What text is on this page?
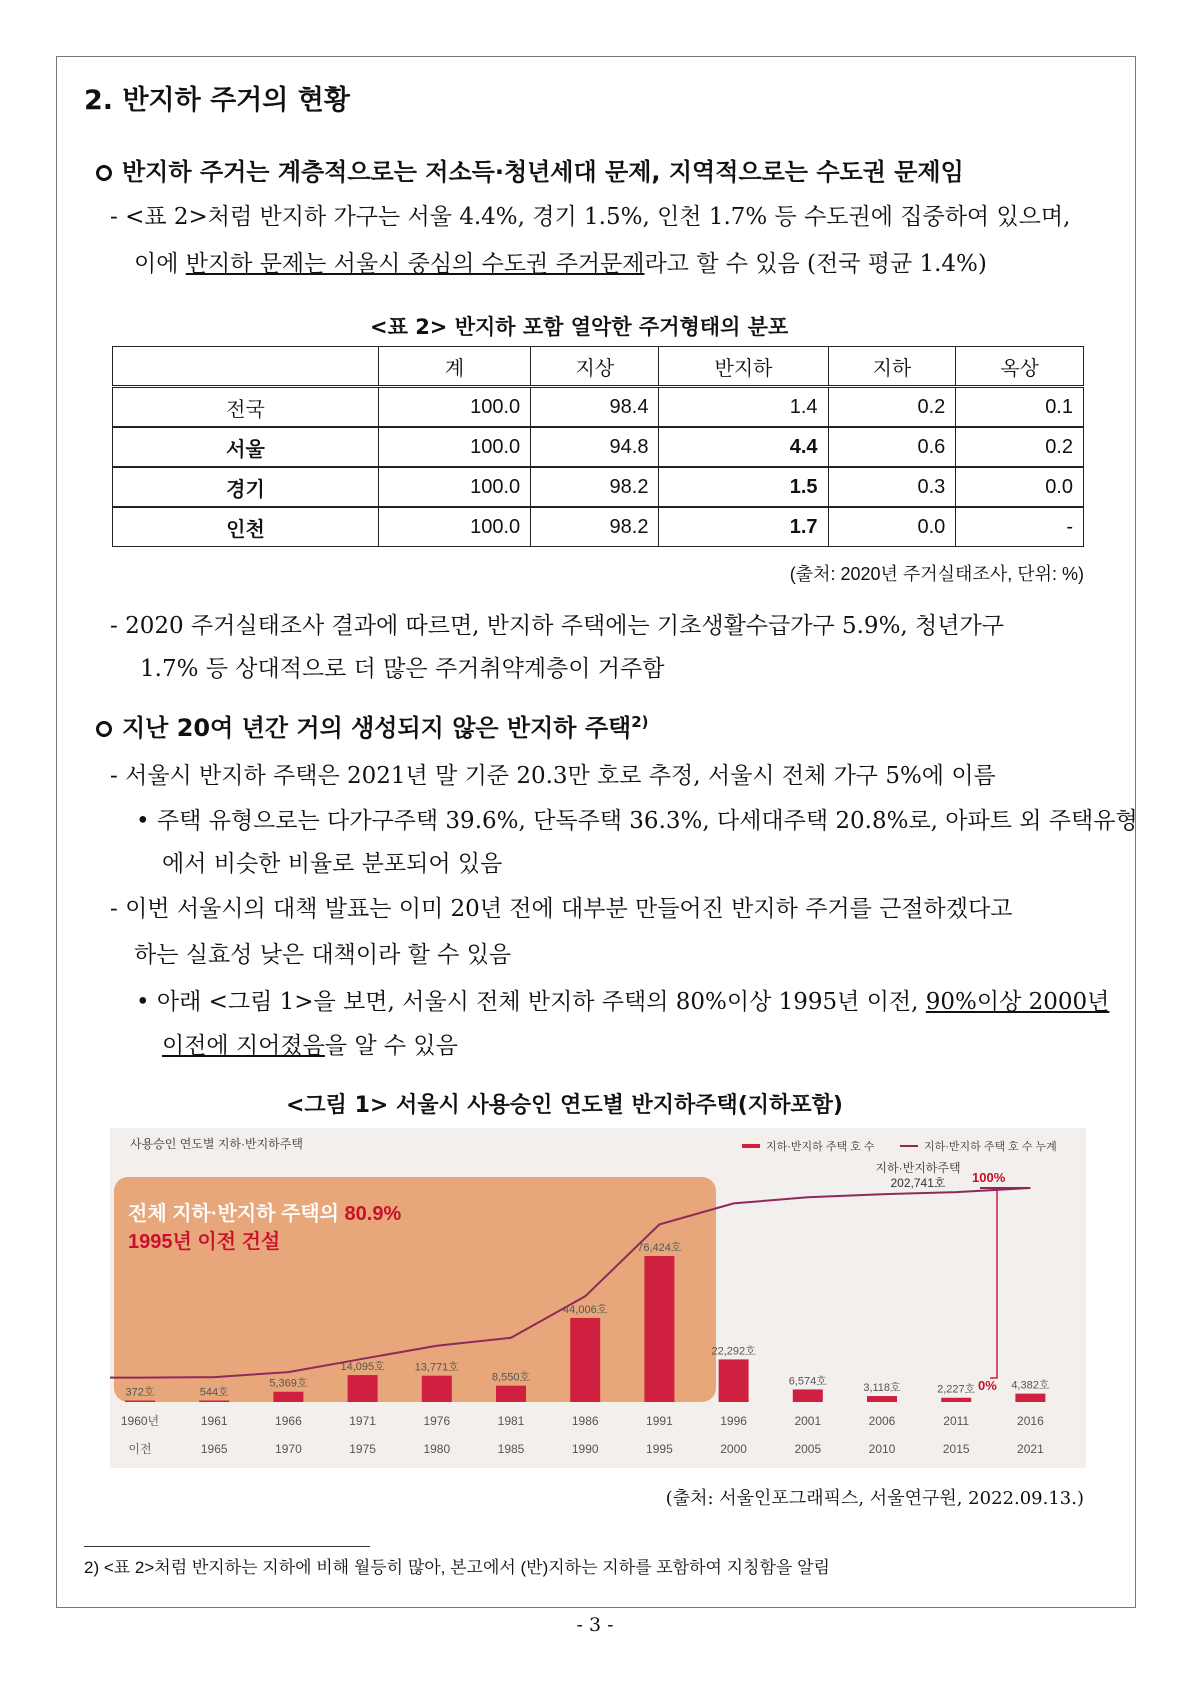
2. 반지하 주거의 현황
반지하 주거는 계층적으로는 저소득·청년세대 문제, 지역적으로는 수도권 문제임
- <표 2>처럼 반지하 가구는 서울 4.4%, 경기 1.5%, 인천 1.7% 등 수도권에 집중하여 있으며,
이에 반지하 문제는 서울시 중심의 수도권 주거문제라고 할 수 있음 (전국 평균 1.4%)
<표 2> 반지하 포함 열악한 주거형태의 분포
	계	지상	반지하	지하	옥상
전국	100.0	98.4	1.4	0.2	0.1
서울	100.0	94.8	4.4	0.6	0.2
경기	100.0	98.2	1.5	0.3	0.0
인천	100.0	98.2	1.7	0.0	-
(출처: 2020년 주거실태조사, 단위: %)
- 2020 주거실태조사 결과에 따르면, 반지하 주택에는 기초생활수급가구 5.9%, 청년가구
1.7% 등 상대적으로 더 많은 주거취약계층이 거주함
지난 20여 년간 거의 생성되지 않은 반지하 주택$^{2)}$
- 서울시 반지하 주택은 2021년 말 기준 20.3만 호로 추정, 서울시 전체 가구 5%에 이름
• 주택 유형으로는 다가구주택 39.6%, 단독주택 36.3%, 다세대주택 20.8%로, 아파트 외 주택유형
에서 비슷한 비율로 분포되어 있음
- 이번 서울시의 대책 발표는 이미 20년 전에 대부분 만들어진 반지하 주거를 근절하겠다고
하는 실효성 낮은 대책이라 할 수 있음
• 아래 <그림 1>을 보면, 서울시 전체 반지하 주택의 80%이상 1995년 이전, 90%이상 2000년
이전에 지어졌음을 알 수 있음
<그림 1> 서울시 사용승인 연도별 반지하주택(지하포함)
사용승인 연도별 지하·반지하주택	지하·반지하 주택 호 수	지하·반지하 주택 호 수 누계
전체 지하·반지하 주택의 80.9%
1995년 이전 건설
지하·반지하주택
202,741호 100%
0%
372호	544호
5,369호
14,095호	13,771호
8,550호
44,006호
76,424호
22,292호
6,574호
3,118호	2,227호	4,382호
1960년
이전
1961
1965
1966
1970
1971
1975
1976
1980
1981
1985
1986
1990
1991
1995
1996
2000
2001
2005
2006
2010
2011
2015
2016
2021
(출처: 서울인포그래픽스, 서울연구원, 2022.09.13.)
2) <표 2>처럼 반지하는 지하에 비해 월등히 많아, 본고에서 (반)지하는 지하를 포함하여 지칭함을 알림
- 3 -
